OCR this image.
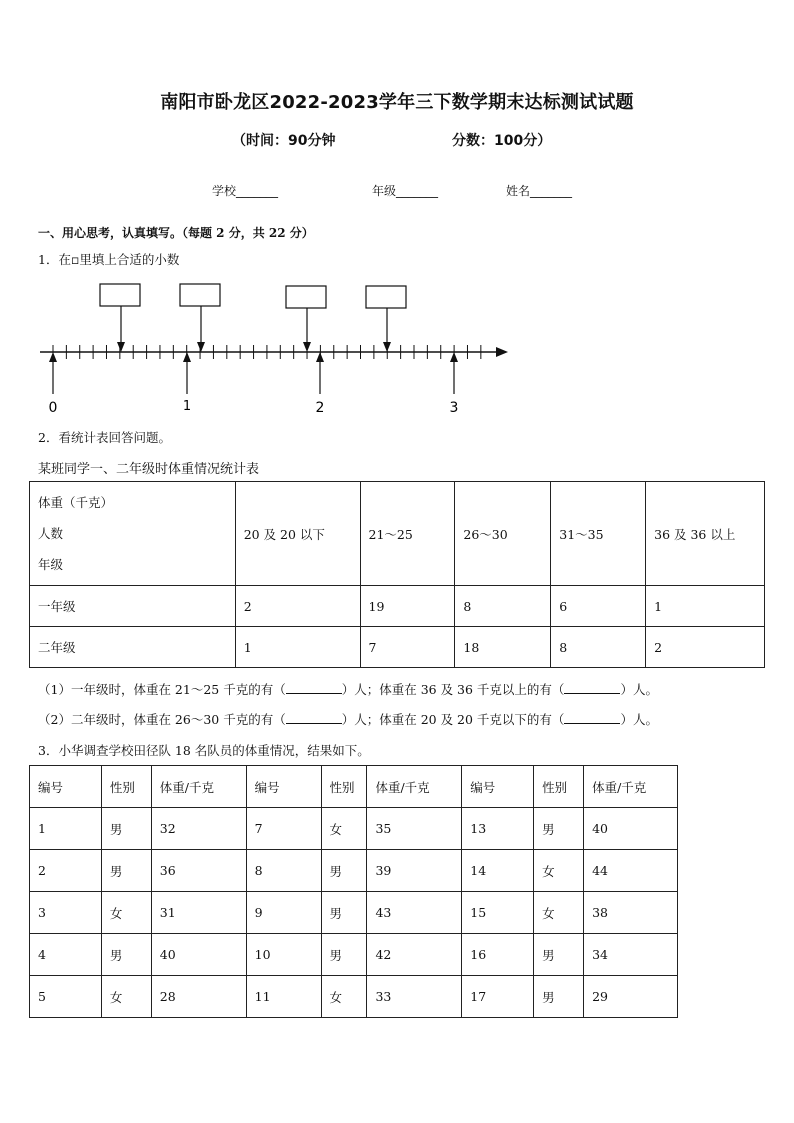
南阳市卧龙区2022-2023学年三下数学期末达标测试试题
（时间：90分钟	分数：100分）
学校_______	年级_______	姓名_______
一、用心思考，认真填写。（每题 2 分，共 22 分）
1．在▫里填上合适的小数
0	1	2	3
2．看统计表回答问题。
某班同学一、二年级时体重情况统计表
体重（千克）
人数
年级	20 及 20 以下	21～25	26～30	31～35	36 及 36 以上
一年级	2	19	8	6	1
二年级	1	7	18	8	2
（1）一年级时，体重在 21～25 千克的有（	）人；体重在 36 及 36 千克以上的有（	）人。
（2）二年级时，体重在 26～30 千克的有（	）人；体重在 20 及 20 千克以下的有（	）人。
3．小华调查学校田径队 18 名队员的体重情况，结果如下。
编号	性别	体重/千克	编号	性别	体重/千克	编号	性别	体重/千克
1	男	32	7	女	35	13	男	40
2	男	36	8	男	39	14	女	44
3	女	31	9	男	43	15	女	38
4	男	40	10	男	42	16	男	34
5	女	28	11	女	33	17	男	29
